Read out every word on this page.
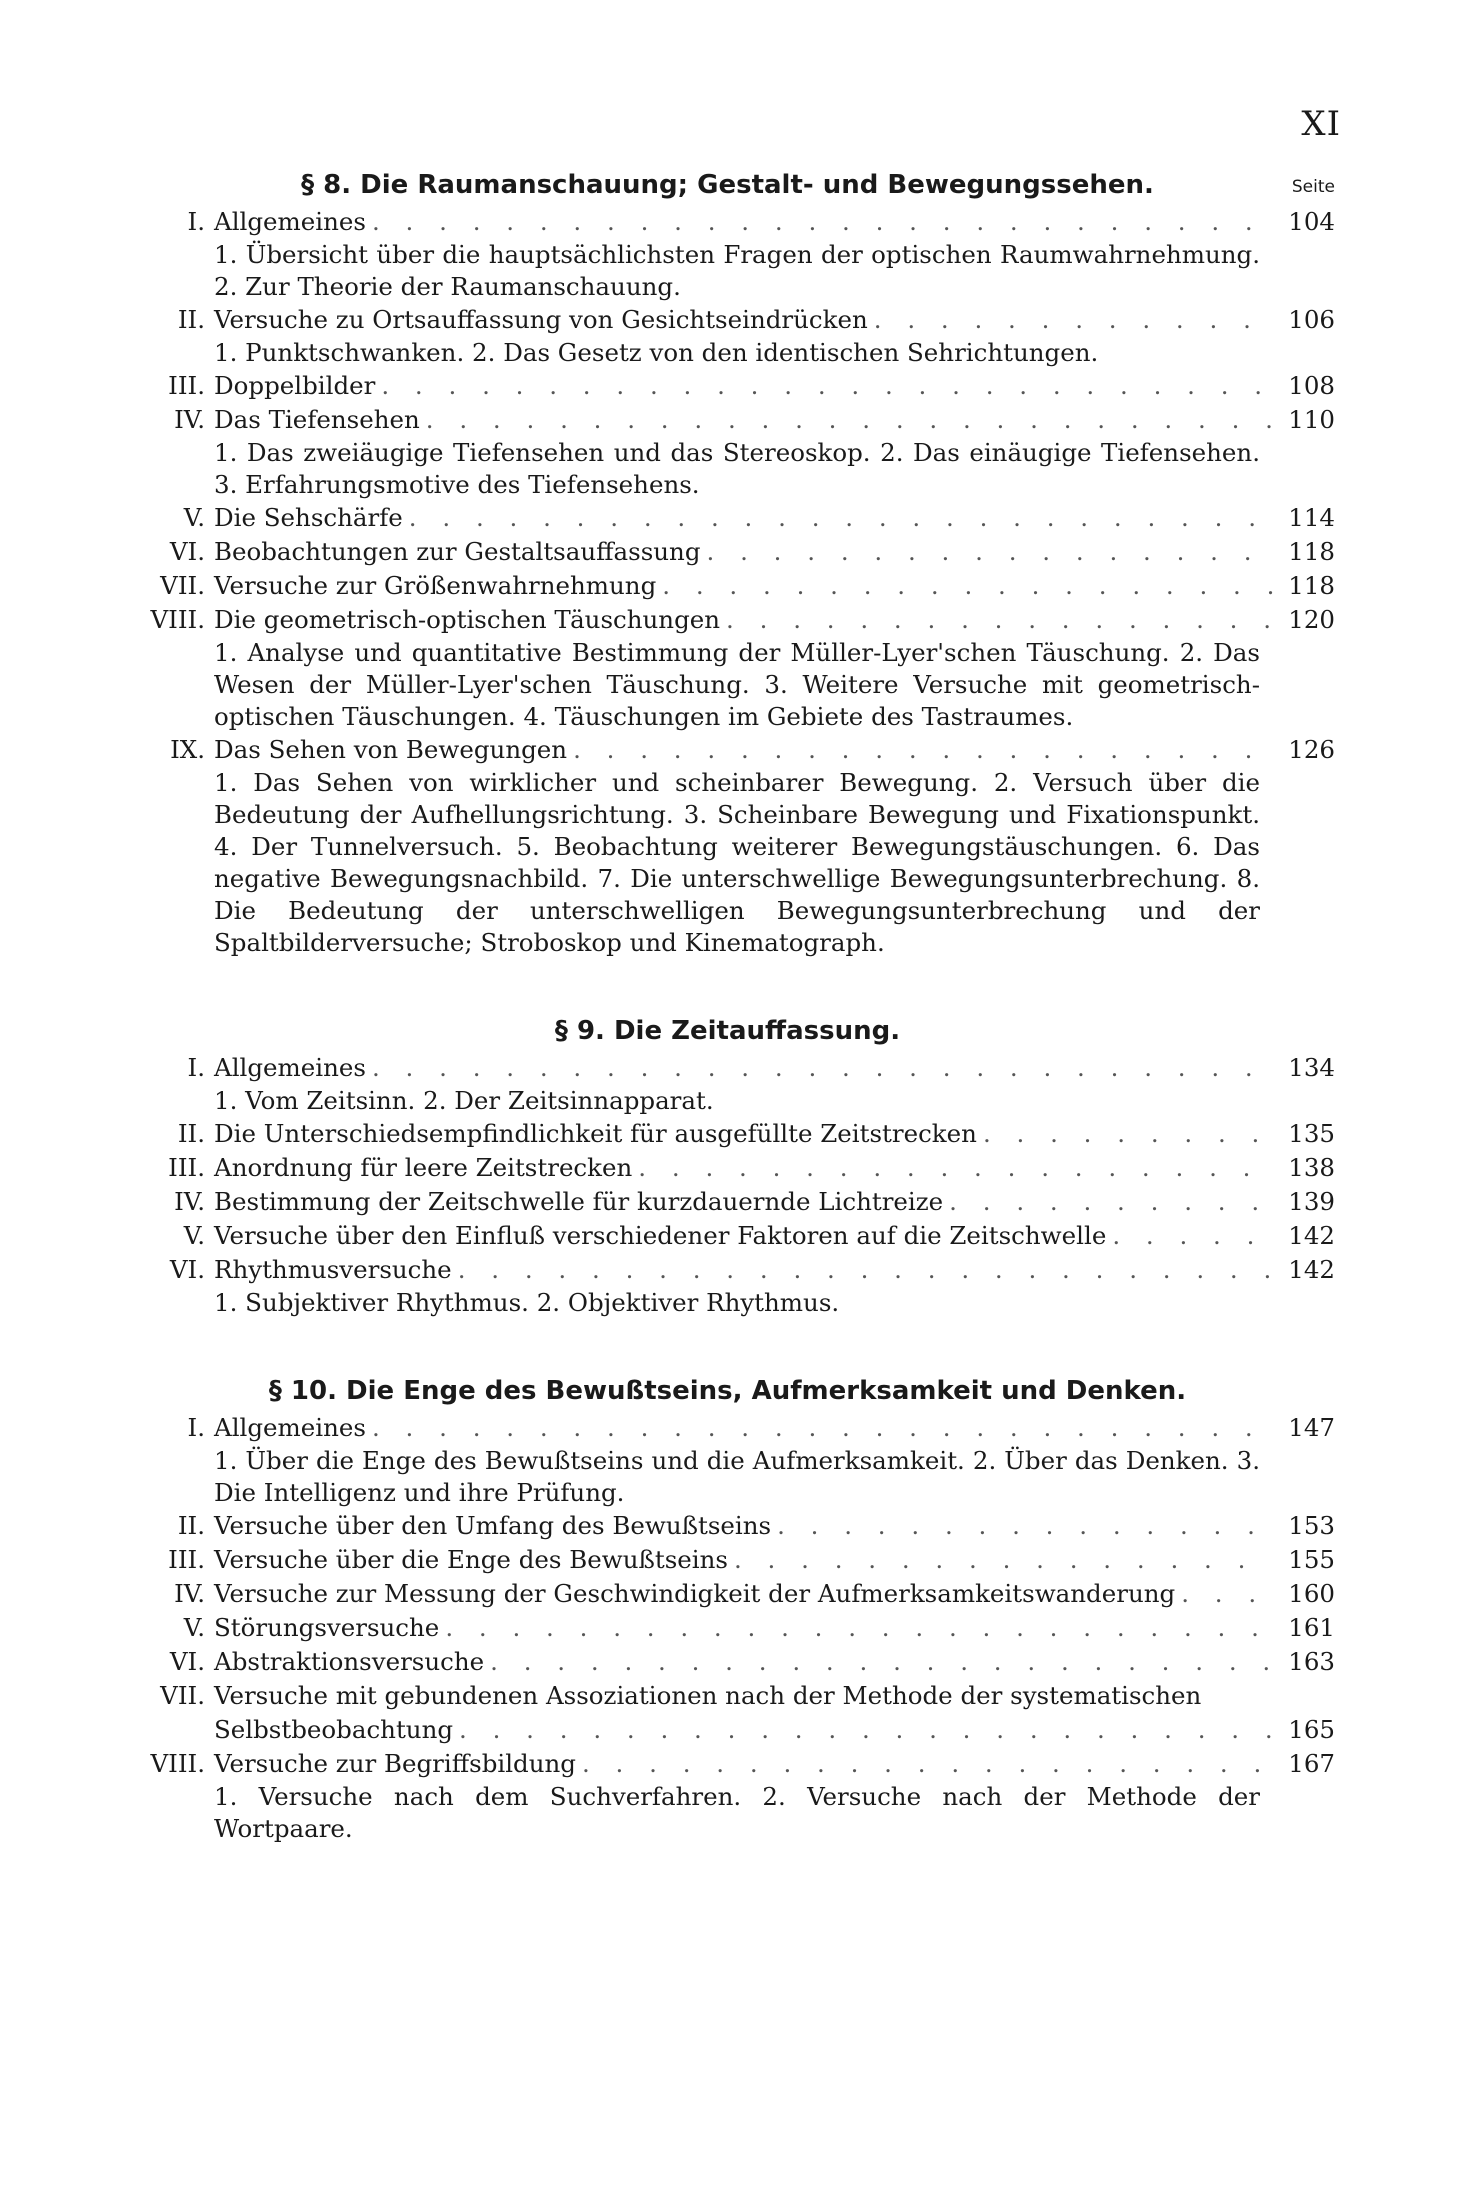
XI
§ 8. Die Raumanschauung; Gestalt- und Bewegungssehen.	Seite
I. Allgemeines . . .	104
1. Übersicht über die hauptsächlichsten Fragen der optischen Raumwahrnehmung. 2. Zur Theorie der Raumanschauung.
II. Versuche zu Ortsauffassung von Gesichtseindrücken . . .	106
1. Punktschwanken. 2. Das Gesetz von den identischen Sehrichtungen.
III. Doppelbilder . . .	108
IV. Das Tiefensehen . . .	110
1. Das zweiäugige Tiefensehen und das Stereoskop. 2. Das einäugige Tiefensehen. 3. Erfahrungsmotive des Tiefensehens.
V. Die Sehschärfe . . .	114
VI. Beobachtungen zur Gestaltsauffassung . . .	118
VII. Versuche zur Größenwahrnehmung . . .	118
VIII. Die geometrisch-optischen Täuschungen . . .	120
1. Analyse und quantitative Bestimmung der Müller-Lyer'schen Täuschung. 2. Das Wesen der Müller-Lyer'schen Täuschung. 3. Weitere Versuche mit geometrisch-optischen Täuschungen. 4. Täuschungen im Gebiete des Tastraumes.
IX. Das Sehen von Bewegungen . . .	126
1. Das Sehen von wirklicher und scheinbarer Bewegung. 2. Versuch über die Bedeutung der Aufhellungsrichtung. 3. Scheinbare Bewegung und Fixationspunkt. 4. Der Tunnelversuch. 5. Beobachtung weiterer Bewegungstäuschungen. 6. Das negative Bewegungsnachbild. 7. Die unterschwellige Bewegungsunterbrechung. 8. Die Bedeutung der unterschwelligen Bewegungsunterbrechung und der Spaltbilderversuche; Stroboskop und Kinematograph.
§ 9. Die Zeitauffassung.
I. Allgemeines . . .	134
1. Vom Zeitsinn. 2. Der Zeitsinnapparat.
II. Die Unterschiedsempfindlichkeit für ausgefüllte Zeitstrecken . . .	135
III. Anordnung für leere Zeitstrecken . . .	138
IV. Bestimmung der Zeitschwelle für kurzdauernde Lichtreize . . .	139
V. Versuche über den Einfluß verschiedener Faktoren auf die Zeitschwelle . . .	142
VI. Rhythmusversuche . . .	142
1. Subjektiver Rhythmus. 2. Objektiver Rhythmus.
§ 10. Die Enge des Bewußtseins, Aufmerksamkeit und Denken.
I. Allgemeines . . .	147
1. Über die Enge des Bewußtseins und die Aufmerksamkeit. 2. Über das Denken. 3. Die Intelligenz und ihre Prüfung.
II. Versuche über den Umfang des Bewußtseins . . .	153
III. Versuche über die Enge des Bewußtseins . . .	155
IV. Versuche zur Messung der Geschwindigkeit der Aufmerksamkeitswanderung . . .	160
V. Störungsversuche . . .	161
VI. Abstraktionsversuche . . .	163
VII. Versuche mit gebundenen Assoziationen nach der Methode der systematischen
Selbstbeobachtung . . .	165
VIII. Versuche zur Begriffsbildung . . .	167
1. Versuche nach dem Suchverfahren. 2. Versuche nach der Methode der Wortpaare.
